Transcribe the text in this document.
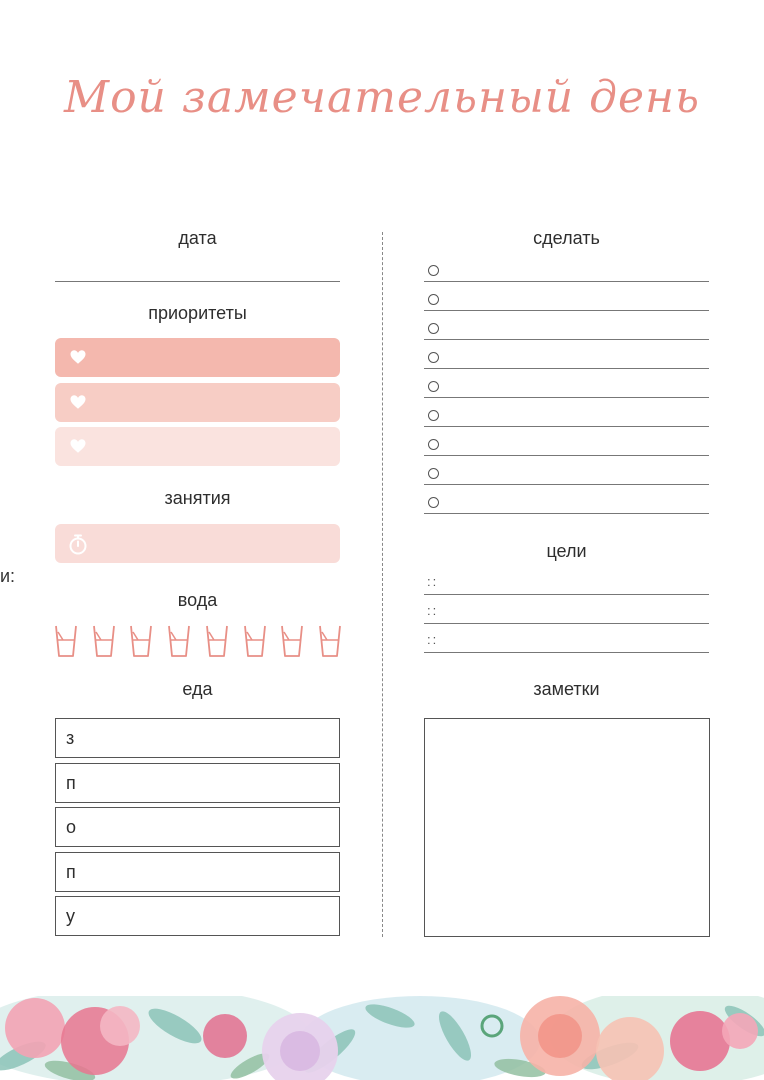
Мой замечательный день
и:
дата
приоритеты
занятия
вода
еда
з
п
о
п
у
сделать
цели
::
::
::
заметки
